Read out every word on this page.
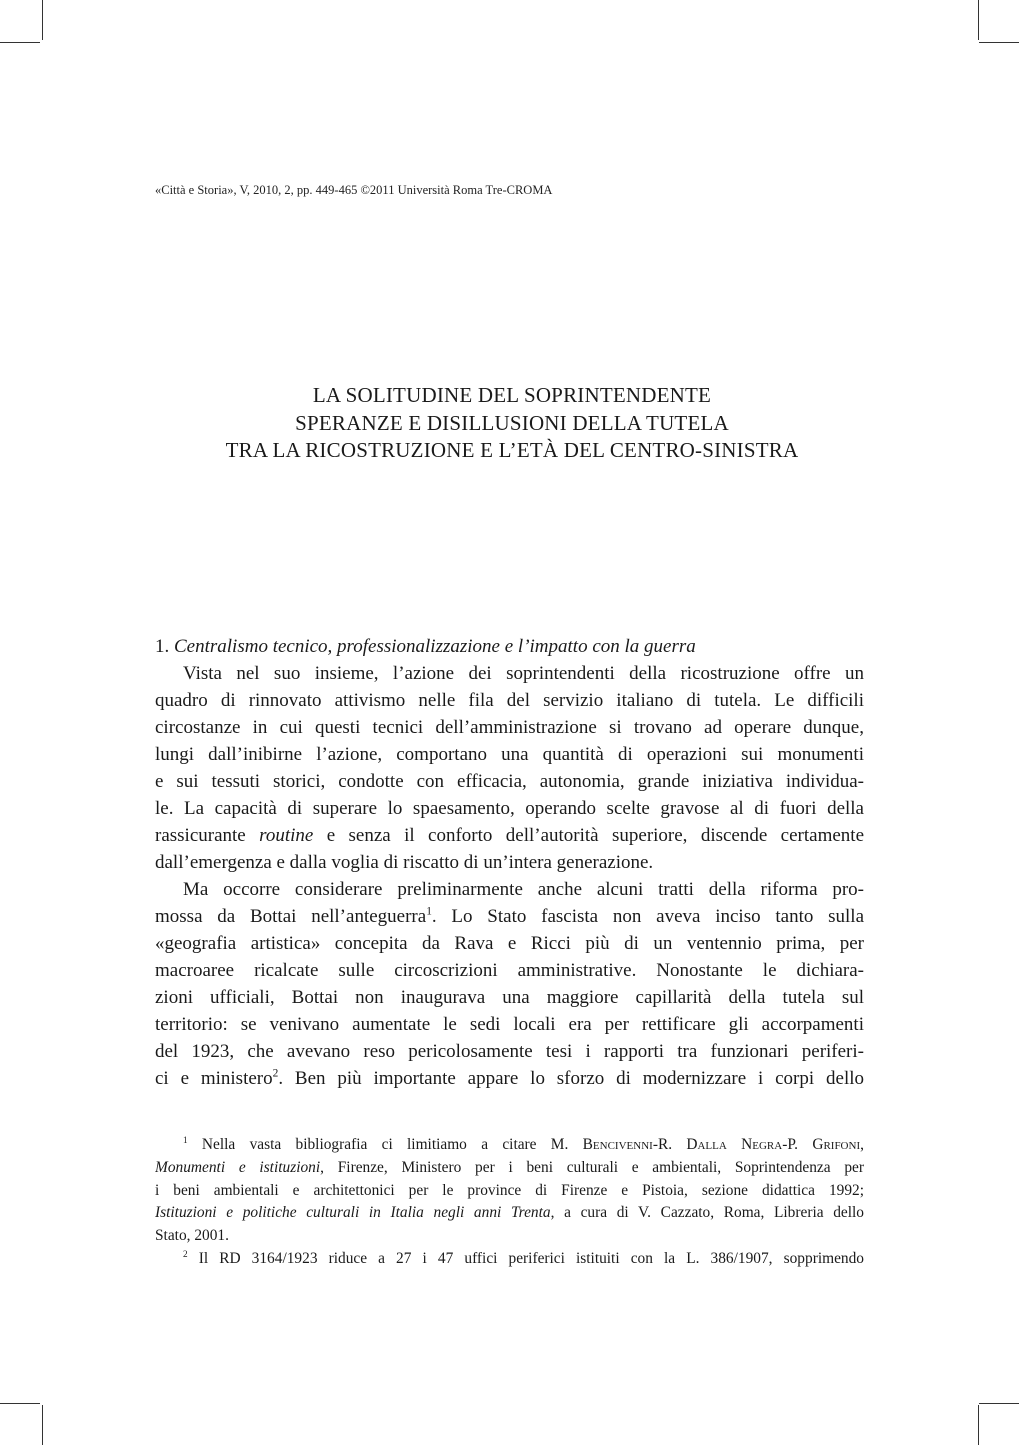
«Città e Storia», V, 2010, 2, pp. 449-465 ©2011 Università Roma Tre-CROMA
LA SOLITUDINE DEL SOPRINTENDENTE
SPERANZE E DISILLUSIONI DELLA TUTELA
TRA LA RICOSTRUZIONE E L’ETÀ DEL CENTRO-SINISTRA
1. Centralismo tecnico, professionalizzazione e l’impatto con la guerra
Vista nel suo insieme, l’azione dei soprintendenti della ricostruzione offre un
quadro di rinnovato attivismo nelle fila del servizio italiano di tutela. Le difficili
circostanze in cui questi tecnici dell’amministrazione si trovano ad operare dunque,
lungi dall’inibirne l’azione, comportano una quantità di operazioni sui monumenti
e sui tessuti storici, condotte con efficacia, autonomia, grande iniziativa individua-
le. La capacità di superare lo spaesamento, operando scelte gravose al di fuori della
rassicurante routine e senza il conforto dell’autorità superiore, discende certamente
dall’emergenza e dalla voglia di riscatto di un’intera generazione.
Ma occorre considerare preliminarmente anche alcuni tratti della riforma pro-
mossa da Bottai nell’anteguerra$^1$. Lo Stato fascista non aveva inciso tanto sulla
«geografia artistica» concepita da Rava e Ricci più di un ventennio prima, per
macroaree ricalcate sulle circoscrizioni amministrative. Nonostante le dichiara-
zioni ufficiali, Bottai non inaugurava una maggiore capillarità della tutela sul
territorio: se venivano aumentate le sedi locali era per rettificare gli accorpamenti
del 1923, che avevano reso pericolosamente tesi i rapporti tra funzionari periferi-
ci e ministero$^2$. Ben più importante appare lo sforzo di modernizzare i corpi dello
$^1$ Nella vasta bibliografia ci limitiamo a citare M. Bencivenni-R. Dalla Negra-P. Grifoni,
Monumenti e istituzioni, Firenze, Ministero per i beni culturali e ambientali, Soprintendenza per
i beni ambientali e architettonici per le province di Firenze e Pistoia, sezione didattica 1992;
Istituzioni e politiche culturali in Italia negli anni Trenta, a cura di V. Cazzato, Roma, Libreria dello
Stato, 2001.
$^2$ Il RD 3164/1923 riduce a 27 i 47 uffici periferici istituiti con la L. 386/1907, sopprimendo
